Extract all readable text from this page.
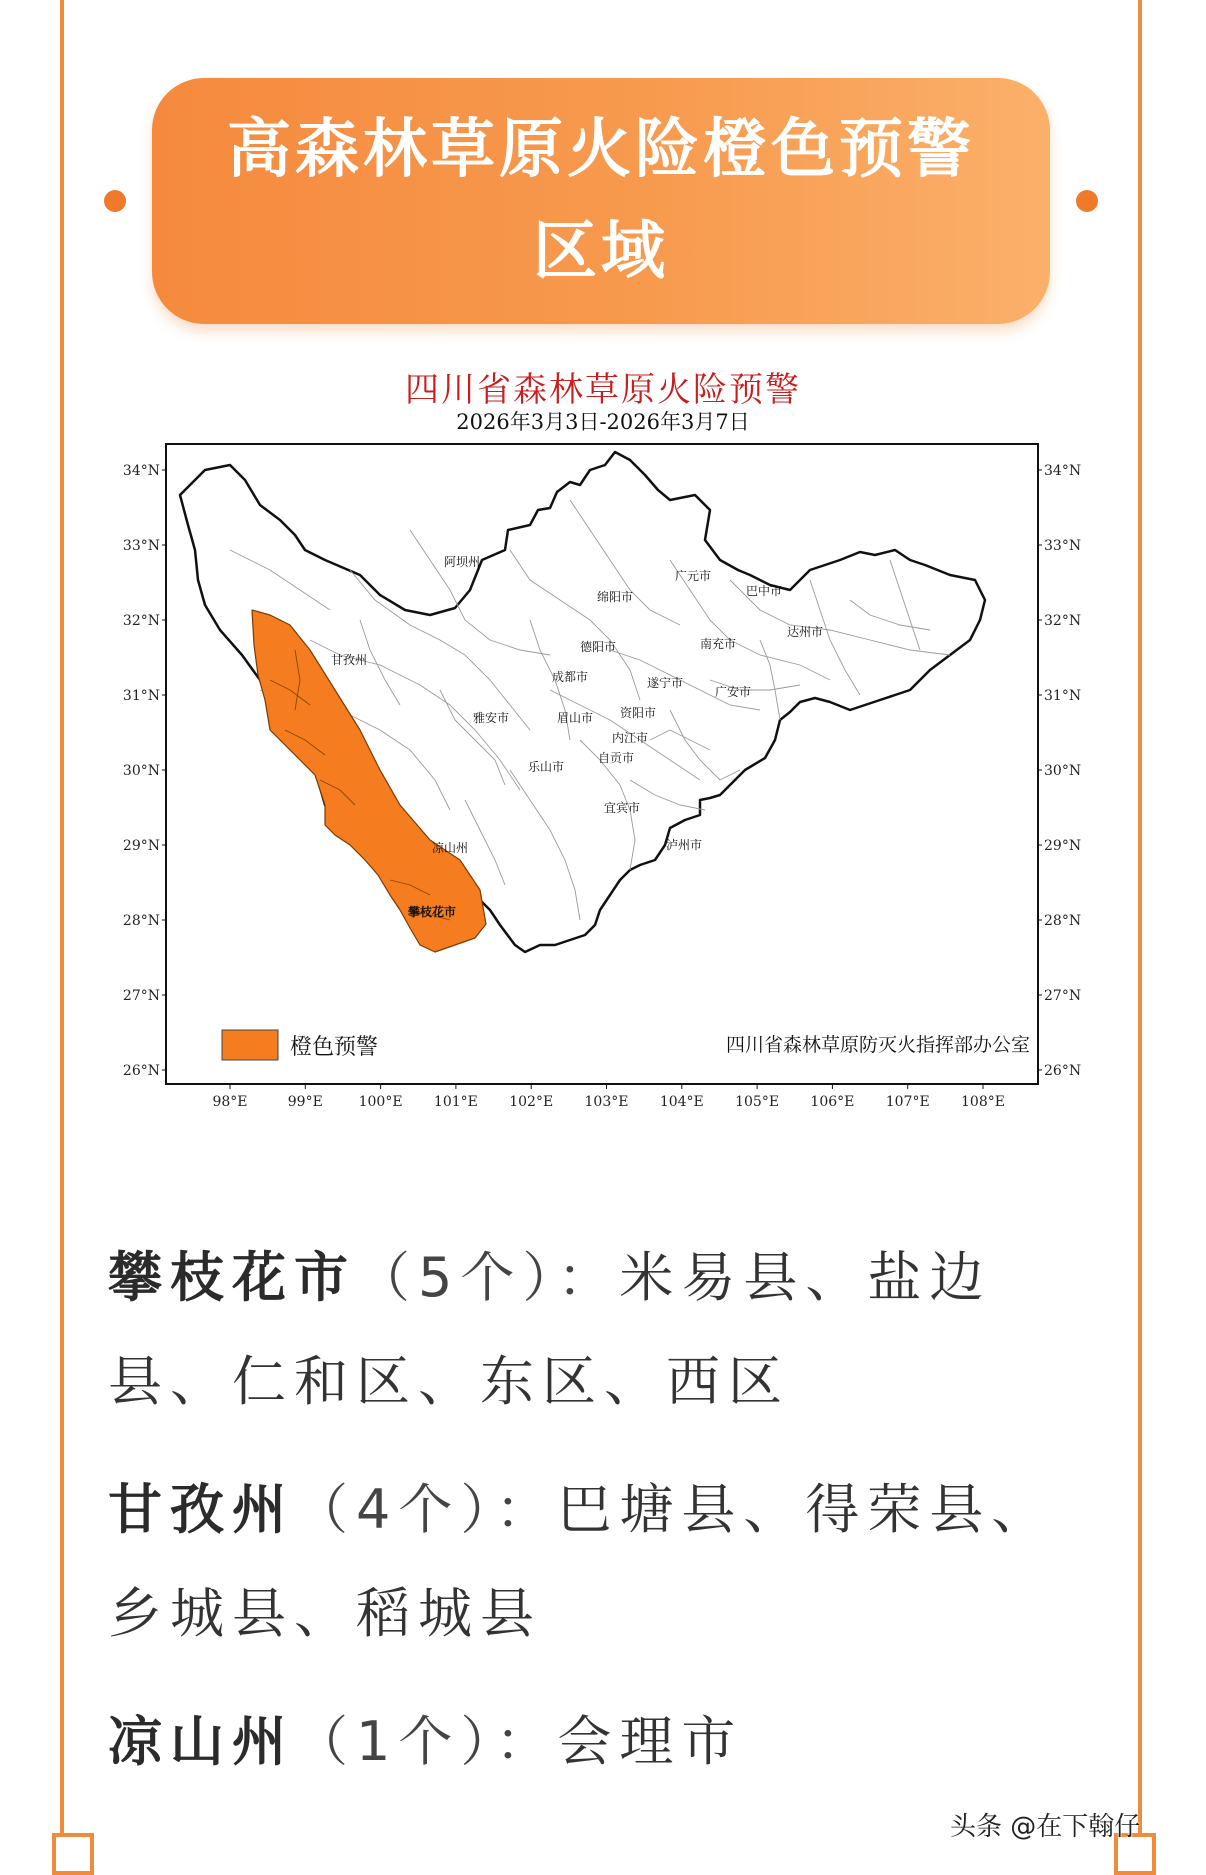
高森林草原火险橙色预警
区域
四川省森林草原火险预警
2026年3月3日-2026年3月7日
34°N	34°N
33°N	33°N
32°N	32°N
31°N	31°N
30°N	30°N
29°N	29°N
28°N	28°N
27°N	27°N
26°N	26°N
98°E	99°E	100°E 101°E 102°E 103°E 104°E 105°E 106°E 107°E 108°E
阿坝州
甘孜州
绵阳市
广元市
巴中市
达州市
南充市
德阳市
成都市	遂宁市
广安市
雅安市	眉山市 资阳市
内江市
自贡市
乐山市
宜宾市
凉山州	泸州市
攀枝花市
橙色预警	四川省森林草原防灭火指挥部办公室
攀枝花市（5个）：米易县、盐边县、仁和区、东区、西区
甘孜州（4个）：巴塘县、得荣县、乡城县、稻城县
凉山州（1个）：会理市
头条 @在下翰仔
